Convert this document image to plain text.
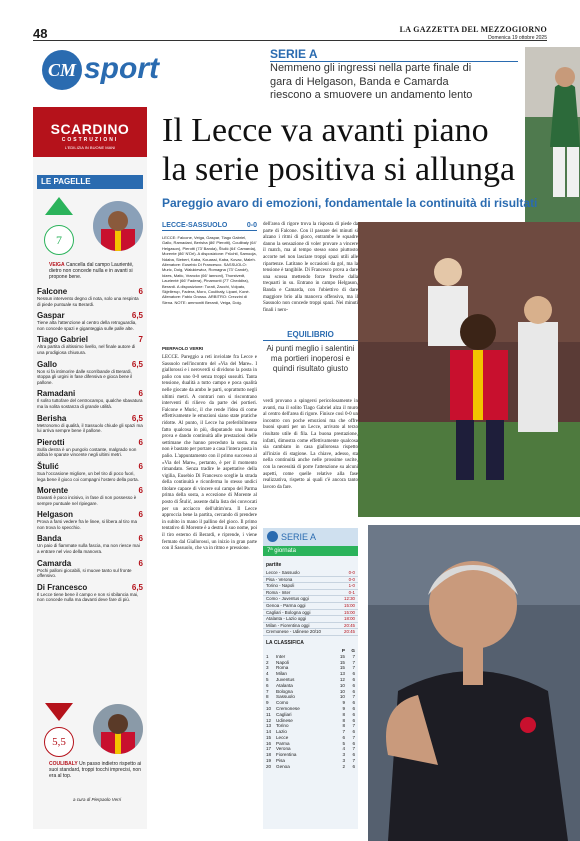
48	LA GAZZETTA DEL MEZZOGIORNO
Domenica 19 ottobre 2025
CM sport	SERIE A
Nemmeno gli ingressi nella parte finale di gara di Helgason, Banda e Camarda riescono a smuovere un andamento lento
Il Lecce va avanti piano
la serie positiva si allunga
Pareggio avaro di emozioni, fondamentale la continuità di risultati
SCARDINO
COSTRUZIONI
L'EDILIZIA IN BUONE MANI
LE PAGELLE
7
VEIGA Cancella dal campo Laurienté, dietro non concede nulla e in avanti si propone bene.
Falcone	6
Nessun intervento degno di nota, solo una respinta di piede puntuale su Berardi.
Gaspar	6,5
Tiene alta l'attenzione al centro della retroguardia, non concede spazi e giganteggia sulle palle alte.
Tiago Gabriel	7
Altra partita di altissimo livello, nel finale autore di una prodigiosa chiusura.
Gallo	6,5
Non si fa intimorire dalle scorribande di Berardi, stoppa gli urgini in fase difensiva e gioca bene il pallone.
Ramadani	6
Il solito tuttofare del centrocampo, qualche sbavatura ma la solita sostanza di grande utilità.
Berisha	6,5
Metronomo di qualità, il Sassuolo chiude gli spazi ma lui arriva sempre bene il pallone.
Pierotti	6
Sulla destra è un pungolo costante, malgrado non abbia le sparute vincente negli ultimi metri.
Štulić	6
Sua l'occasione migliore, un bel tiro di poco fuori, lega bene il gioco coi compagni l'ostero della porta.
Morente	6
Davanti è poco incisivo, in fase di non possesso è sempre puntuale nel ripiegare.
Helgason	6
Prova a farsi vedere fra le linee, si libera al tiro ma non trova lo specchio.
Banda	6
Un paio di fiammate sulla fascia, ma non riesce mai a entrare nel vivo della manovra.
Camarda	6
Pochi palloni giocabili, si muove tanto sul fronte offensivo.
Di Francesco	6,5
Il Lecce tiene bene il campo e non si sbilancia mai, non concede nulla ma davanti deve fare di più.
5,5
COULIBALY Un passo indietro rispetto ai suoi standard, troppi tocchi imprecisi, non era al top.
a cura di Pierpaolo Verri
LECCE-SASSUOLO	0-0
LECCE: Falcone, Veiga, Gaspar, Tiago Gabriel, Gallo, Ramadani, Berisha (86' Pierotti), Coulibaly (64' Helgason), Pierotti (73' Banda), Štulić (64' Camarda), Morente (86' N'Dri). A disposizione: Früchtl, Samooja, Ndaba, Siebert, Kaba, Kouassi, Kaba, Kovac, Maleh. Allenatore: Eusebio Di Francesco. SASSUOLO: Muric, Doig, Walukiewicz, Romagna (73' Candé), Idzes, Matic, Vranckx (66' Iannoni), Thorstvedt, Laurienté (66' Fadera), Pinamonti (77' Cheddira), Berardi. A disposizione: Turati, Zacchi, Volpato, Skjellerup, Fadera, Moro, Coulibaly, Lipani, Koné. Allenatore: Fabio Grosso. ARBITRO: Crezzini di Siena. NOTE: ammoniti Berardi, Veiga, Doig.
PIERPAOLO VERRI
LECCE. Pareggio a reti inviolate fra Lecce e Sassuolo nell'incontro del «Via del Mare». I giallorossi e i neroverdi si dividono la posta in palio con uno 0-0 senza troppi sussulti. Tanta tensione, dualità a tutto campo e poca qualità nelle giocate da ambo le parti, soprattutto negli ultimi metri. A contrari non si riscontrano interventi di rilievo da parte dei portieri. Falcone e Muric, il che rende l'idea di come effettivamente le emozioni siano state pratiche ridotte. Al punto, il Lecce ha preferibilmente fatto qualcosa in più, disputando una buona prova e dando continuità alle prestazioni delle settimane che hanno preceduto la sosta. ma non è bastato per portare a casa l'intera posta in palio. L'appuntamento con il primo successo al «Via del Mare», pertanto, è per il momento rimandato. Senza tradire le aspettative della vigilia, Eusebio Di Francesco sceglie la strada della continuità e riconferma lo stesso undici titolare capace di vincere sul campo del Parma prima della sosta, a eccezione di Morente al posto di Štulić, assente dalla lista dei convocati per un acciacco dell'ultim'ora. Il Lecce approccia bene la partita, cercando di prendere in subito in mano il pallino del gioco. Il primo tentativo di Morente è a destra il suo nome, poi il tiro esterno di Berardi, e riprende, i viene fermato dal Giallorossi, un inizio in gran parte con il Sassuolo, che va in ritmo e pressione.
dell'area di rigore trova la risposta di piede da parte di Falcone. Con il passare dei minuti si alzano i ritmi di gioco, entrambe le squadre danno la sensazione di voler provare a vincere il match, ma al tempo stesso sono piuttosto accorte nel non lasciare troppi spazi utili alle ripartenze. Latitano le occasioni da gol, ma la tensione è tangibile. Di Francesco prova a dare una scossa mettendo forze fresche dalla trequarti in su. Entrano in campo Helgason, Banda e Camarda, con l'obiettivo di dare maggiore brio alla manovra offensiva, ma il Sassuolo non concede troppi spazi. Nei minuti finali i nero-
EQUILIBRIO
Ai punti meglio i salentini ma portieri inoperosi e quindi risultato giusto
verdi provano a spingersi pericolosamente in avanti, ma il solito Tiago Gabriel alza il muro al centro dell'area di rigore. Finisce così 0-0 un incontro con poche emozioni ma che offre buoni spunti per un Lecce, arrivato al terzo risultato utile di fila. La buona prestazione, infatti, dimostra come effettivamente qualcosa sia cambiato in casa giallorossa rispetto all'inizio di stagione. La chiave, adesso, sta nella continuità anche nelle prossime uscite, con la necessità di porre l'attenzione su alcuni aspetti, come quelle relative alla fase realizzativa, rispetto ai quali c'è ancora tanto lavoro da fare.
SERIE A
7ª giornata
partite
Lecce - Sassuolo	0-0
Pisa - Verona	0-0
Torino - Napoli	1-0
Roma - Inter	0-1
Como - Juventus oggi	12:30
Genoa - Parma oggi	15:00
Cagliari - Bologna oggi	15:00
Atalanta - Lazio oggi	18:00
Milan - Fiorentina oggi	20:45
Cremonese - Udinese 20/10	20:45
LA CLASSIFICA
P	G
1	Inter	15	7
2	Napoli	15	7
3	Roma	15	7
4	Milan	13	6
5	Juventus	12	6
6	Atalanta	10	6
7	Bologna	10	6
8	Sassuolo	10	7
9	Como	9	6
10	Cremonese	9	6
11	Cagliari	8	6
12	Udinese	8	6
13	Torino	8	7
14	Lazio	7	6
15	Lecce	6	7
16	Parma	5	6
17	Verona	4	7
18	Fiorentina	3	6
19	Pisa	3	7
20	Genoa	2	6
